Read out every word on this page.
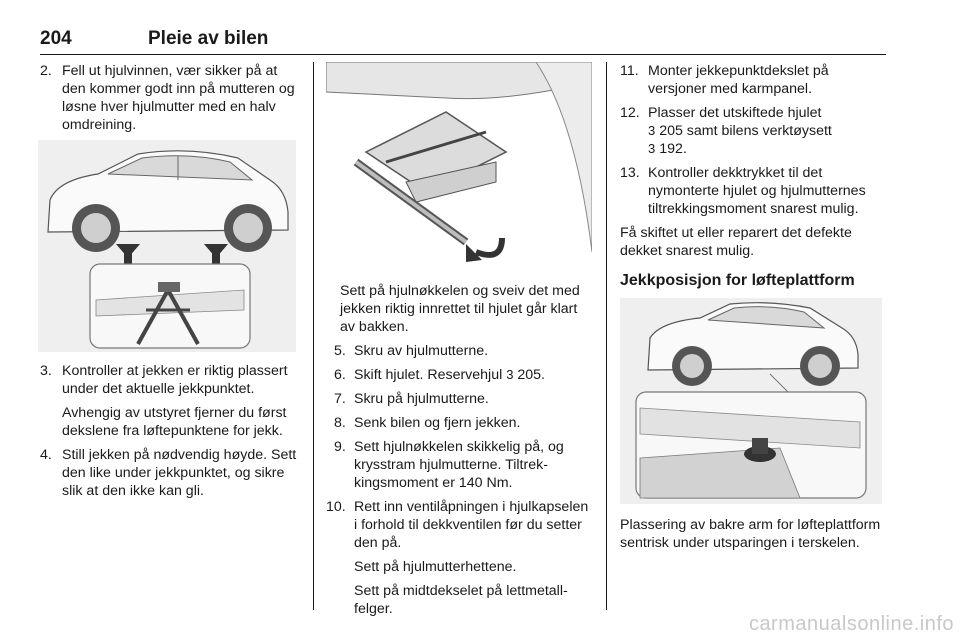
204	Pleie av bilen
2. Fell ut hjulvinnen, vær sikker på at den kommer godt inn på mutteren og løsne hver hjulmutter med en halv omdreining.
3. Kontroller at jekken er riktig plassert under det aktuelle jekkpunktet.
Avhengig av utstyret fjerner du først dekslene fra løftepunktene for jekk.
4. Still jekken på nødvendig høyde. Sett den like under jekkpunktet, og sikre slik at den ikke kan gli.
Sett på hjulnøkkelen og sveiv det med jekken riktig innrettet til hjulet går klart av bakken.
5. Skru av hjulmutterne.
6. Skift hjulet. Reservehjul 3 205.
7. Skru på hjulmutterne.
8. Senk bilen og fjern jekken.
9. Sett hjulnøkkelen skikkelig på, og krysstram hjulmutterne. Tiltrekkingsmoment er 140 Nm.
10. Rett inn ventilåpningen i hjulkapselen i forhold til dekkventilen før du setter den på.
Sett på hjulmutterhettene.
Sett på midtdekselet på lettmetallfelger.
11. Monter jekkepunktdekslet på versjoner med karmpanel.
12. Plasser det utskiftede hjulet
3 205 samt bilens verktøysett
3 192.
13. Kontroller dekktrykket til det nymonterte hjulet og hjulmutternes tiltrekkingsmoment snarest mulig.
Få skiftet ut eller reparert det defekte dekket snarest mulig.
Jekkposisjon for løfteplattform
Plassering av bakre arm for løfteplattform sentrisk under utsparingen i terskelen.
carmanualsonline.info
